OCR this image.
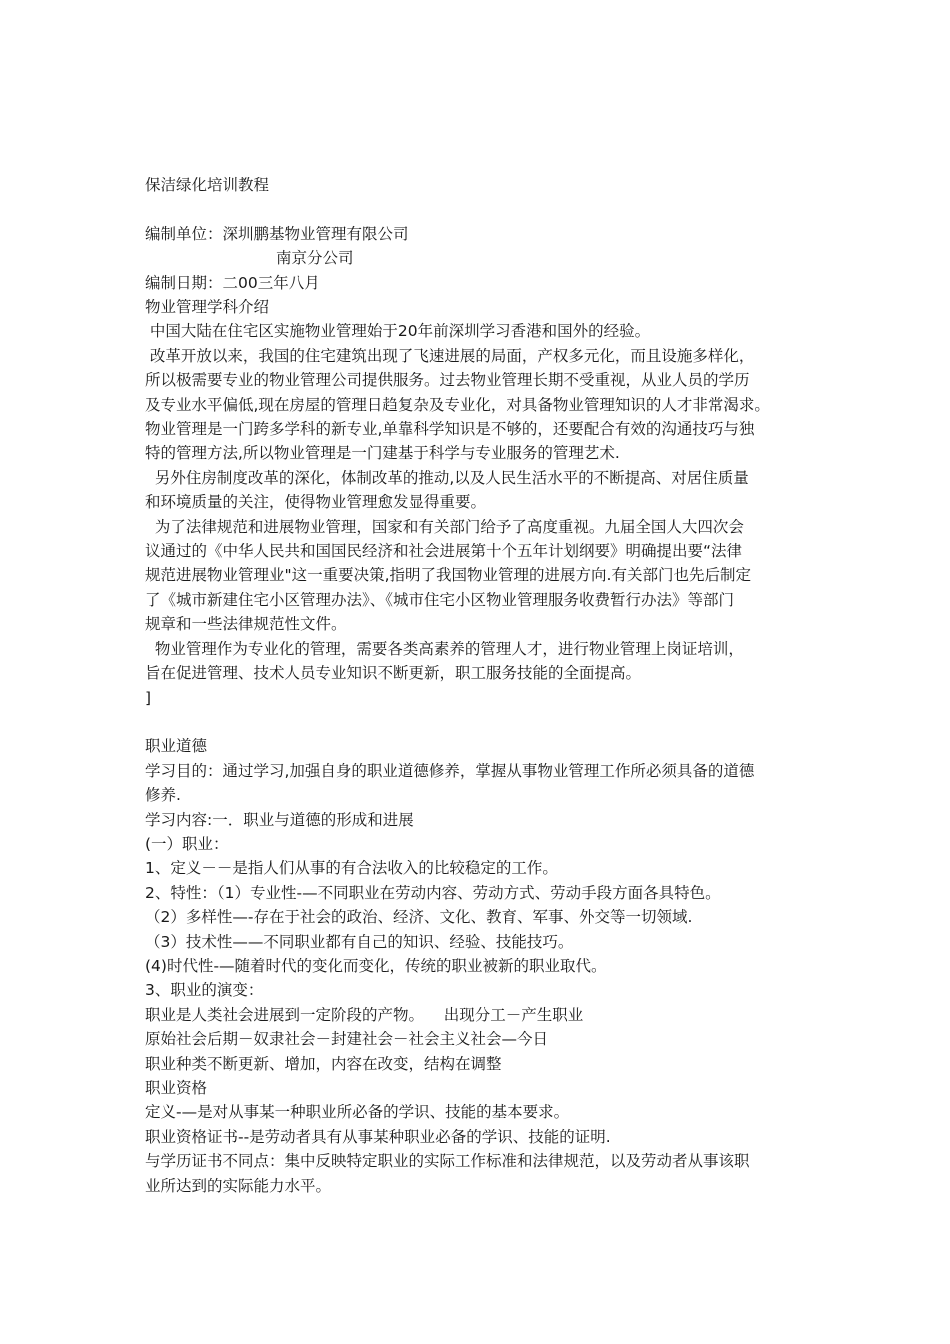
保洁绿化培训教程

编制单位：深圳鹏基物业管理有限公司

南京分公司

编制日期：二00三年八月

物业管理学科介绍

中国大陆在住宅区实施物业管理始于20年前深圳学习香港和国外的经验。

改革开放以来，我国的住宅建筑出现了飞速进展的局面，产权多元化，而且设施多样化，

所以极需要专业的物业管理公司提供服务。过去物业管理长期不受重视，从业人员的学历

及专业水平偏低,现在房屋的管理日趋复杂及专业化，对具备物业管理知识的人才非常渴求。

物业管理是一门跨多学科的新专业,单靠科学知识是不够的，还要配合有效的沟通技巧与独

特的管理方法,所以物业管理是一门建基于科学与专业服务的管理艺术.

另外住房制度改革的深化，体制改革的推动,以及人民生活水平的不断提高、对居住质量

和环境质量的关注，使得物业管理愈发显得重要。

为了法律规范和进展物业管理，国家和有关部门给予了高度重视。九届全国人大四次会

议通过的《中华人民共和国国民经济和社会进展第十个五年计划纲要》明确提出要“法律

规范进展物业管理业"这一重要决策,指明了我国物业管理的进展方向.有关部门也先后制定

了《城市新建住宅小区管理办法》、《城市住宅小区物业管理服务收费暂行办法》等部门

规章和一些法律规范性文件。

物业管理作为专业化的管理，需要各类高素养的管理人才，进行物业管理上岗证培训，

旨在促进管理、技术人员专业知识不断更新，职工服务技能的全面提高。

]

职业道德

学习目的：通过学习,加强自身的职业道德修养，掌握从事物业管理工作所必须具备的道德

修养.

学习内容:一．职业与道德的形成和进展

(一）职业：

1、定义－－是指人们从事的有合法收入的比较稳定的工作。

2、特性：（1）专业性-—不同职业在劳动内容、劳动方式、劳动手段方面各具特色。

（2）多样性—-存在于社会的政治、经济、文化、教育、军事、外交等一切领域.

（3）技术性——不同职业都有自己的知识、经验、技能技巧。

(4)时代性-—随着时代的变化而变化，传统的职业被新的职业取代。

3、职业的演变：

职业是人类社会进展到一定阶段的产物。    出现分工－产生职业

原始社会后期－奴隶社会－封建社会－社会主义社会—今日

职业种类不断更新、增加，内容在改变，结构在调整

职业资格

定义-—是对从事某一种职业所必备的学识、技能的基本要求。

职业资格证书--是劳动者具有从事某种职业必备的学识、技能的证明.

与学历证书不同点：集中反映特定职业的实际工作标准和法律规范，以及劳动者从事该职

业所达到的实际能力水平。
